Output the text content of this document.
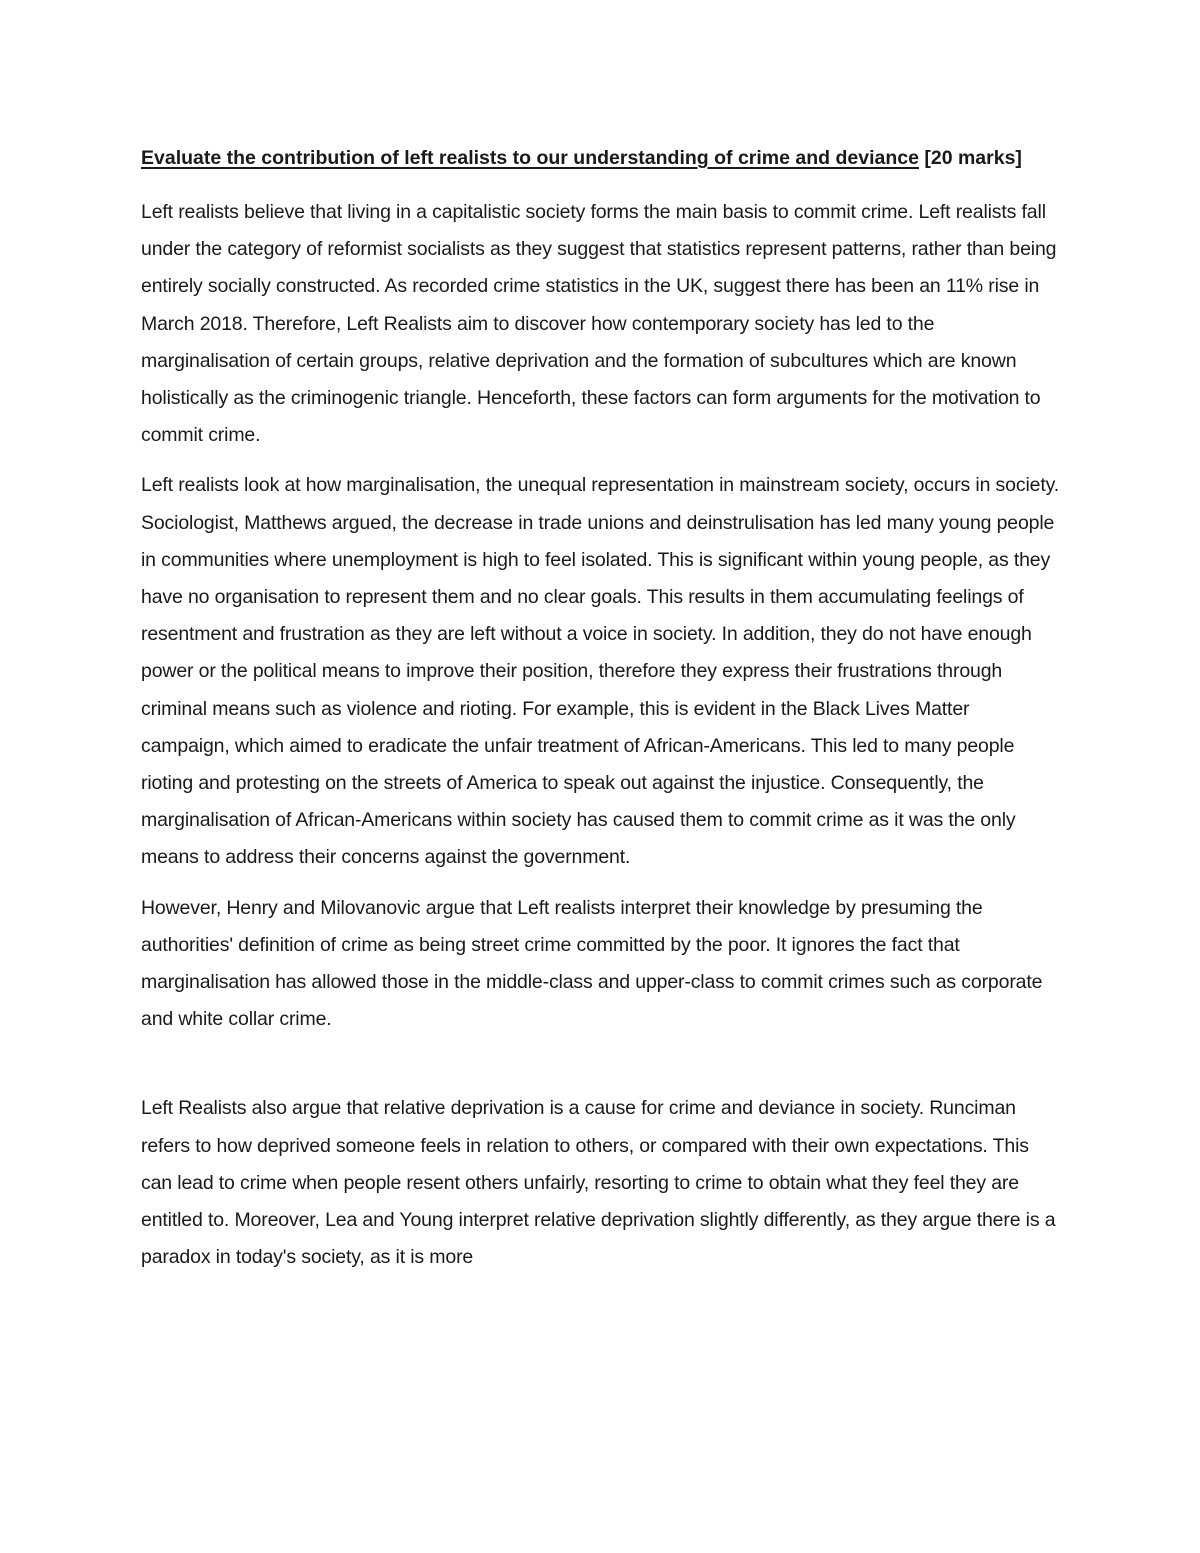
Evaluate the contribution of left realists to our understanding of crime and deviance [20 marks]

Left realists believe that living in a capitalistic society forms the main basis to commit crime. Left realists fall under the category of reformist socialists as they suggest that statistics represent patterns, rather than being entirely socially constructed. As recorded crime statistics in the UK, suggest there has been an 11% rise in March 2018. Therefore, Left Realists aim to discover how contemporary society has led to the marginalisation of certain groups, relative deprivation and the formation of subcultures which are known holistically as the criminogenic triangle. Henceforth, these factors can form arguments for the motivation to commit crime.

Left realists look at how marginalisation, the unequal representation in mainstream society, occurs in society. Sociologist, Matthews argued, the decrease in trade unions and deinstrulisation has led many young people in communities where unemployment is high to feel isolated. This is significant within young people, as they have no organisation to represent them and no clear goals. This results in them accumulating feelings of resentment and frustration as they are left without a voice in society. In addition, they do not have enough power or the political means to improve their position, therefore they express their frustrations through criminal means such as violence and rioting. For example, this is evident in the Black Lives Matter campaign, which aimed to eradicate the unfair treatment of African-Americans. This led to many people rioting and protesting on the streets of America to speak out against the injustice. Consequently, the marginalisation of African-Americans within society has caused them to commit crime as it was the only means to address their concerns against the government.

However, Henry and Milovanovic argue that Left realists interpret their knowledge by presuming the authorities' definition of crime as being street crime committed by the poor. It ignores the fact that marginalisation has allowed those in the middle-class and upper-class to commit crimes such as corporate and white collar crime.

Left Realists also argue that relative deprivation is a cause for crime and deviance in society. Runciman refers to how deprived someone feels in relation to others, or compared with their own expectations. This can lead to crime when people resent others unfairly, resorting to crime to obtain what they feel they are entitled to. Moreover, Lea and Young interpret relative deprivation slightly differently, as they argue there is a paradox in today's society, as it is more
